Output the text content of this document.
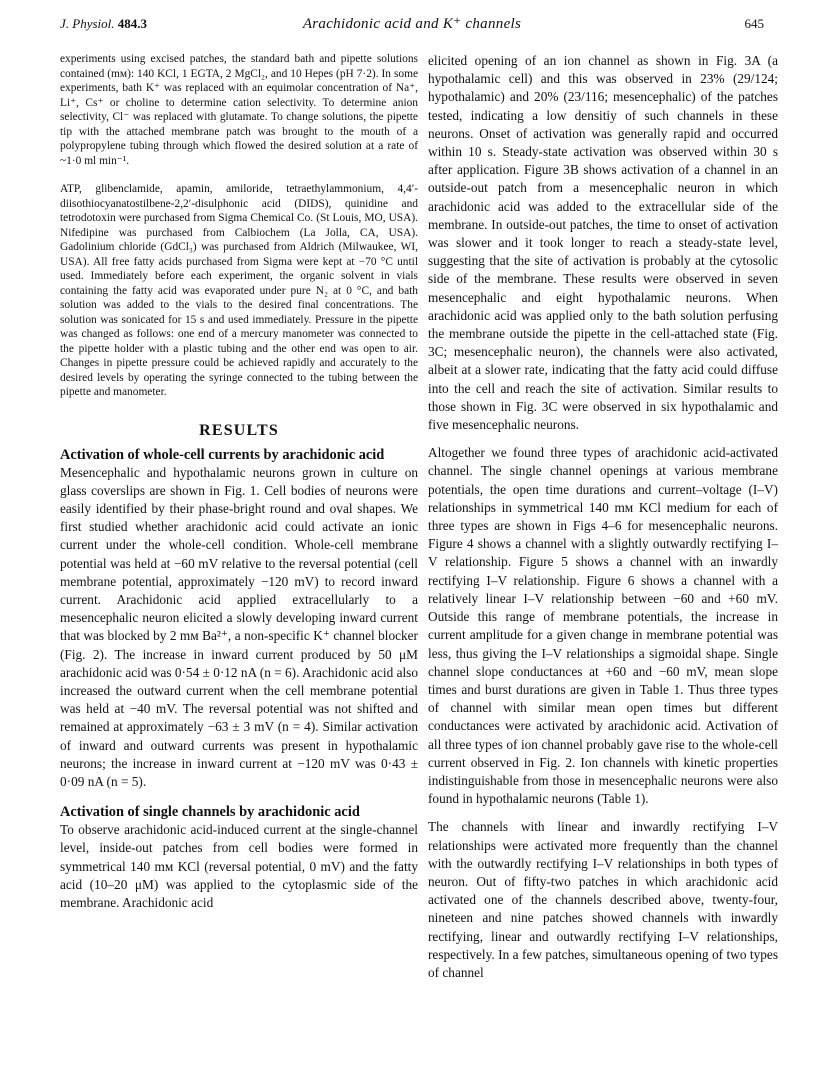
J. Physiol. 484.3	Arachidonic acid and K⁺ channels	645

experiments using excised patches, the standard bath and pipette solutions contained (mм): 140 KCl, 1 EGTA, 2 MgCl₂, and 10 Hepes (pH 7·2). In some experiments, bath K⁺ was replaced with an equimolar concentration of Na⁺, Li⁺, Cs⁺ or choline to determine cation selectivity. To determine anion selectivity, Cl⁻ was replaced with glutamate. To change solutions, the pipette tip with the attached membrane patch was brought to the mouth of a polypropylene tubing through which flowed the desired solution at a rate of ~1·0 ml min⁻¹.

ATP, glibenclamide, apamin, amiloride, tetraethylammonium, 4,4′-diisothiocyanatostilbene-2,2′-disulphonic acid (DIDS), quinidine and tetrodotoxin were purchased from Sigma Chemical Co. (St Louis, MO, USA). Nifedipine was purchased from Calbiochem (La Jolla, CA, USA). Gadolinium chloride (GdCl₃) was purchased from Aldrich (Milwaukee, WI, USA). All free fatty acids purchased from Sigma were kept at −70 °C until used. Immediately before each experiment, the organic solvent in vials containing the fatty acid was evaporated under pure N₂ at 0 °C, and bath solution was added to the vials to the desired final concentrations. The solution was sonicated for 15 s and used immediately. Pressure in the pipette was changed as follows: one end of a mercury manometer was connected to the pipette holder with a plastic tubing and the other end was open to air. Changes in pipette pressure could be achieved rapidly and accurately to the desired levels by operating the syringe connected to the tubing between the pipette and manometer.

RESULTS
Activation of whole-cell currents by arachidonic acid

Mesencephalic and hypothalamic neurons grown in culture on glass coverslips are shown in Fig. 1. Cell bodies of neurons were easily identified by their phase-bright round and oval shapes. We first studied whether arachidonic acid could activate an ionic current under the whole-cell condition. Whole-cell membrane potential was held at −60 mV relative to the reversal potential (cell membrane potential, approximately −120 mV) to record inward current. Arachidonic acid applied extracellularly to a mesencephalic neuron elicited a slowly developing inward current that was blocked by 2 mм Ba²⁺, a non-specific K⁺ channel blocker (Fig. 2). The increase in inward current produced by 50 μM arachidonic acid was 0·54 ± 0·12 nA (n = 6). Arachidonic acid also increased the outward current when the cell membrane potential was held at −40 mV. The reversal potential was not shifted and remained at approximately −63 ± 3 mV (n = 4). Similar activation of inward and outward currents was present in hypothalamic neurons; the increase in inward current at −120 mV was 0·43 ± 0·09 nA (n = 5).

Activation of single channels by arachidonic acid

To observe arachidonic acid-induced current at the single-channel level, inside-out patches from cell bodies were formed in symmetrical 140 mм KCl (reversal potential, 0 mV) and the fatty acid (10–20 μM) was applied to the cytoplasmic side of the membrane. Arachidonic acid

elicited opening of an ion channel as shown in Fig. 3A (a hypothalamic cell) and this was observed in 23% (29/124; hypothalamic) and 20% (23/116; mesencephalic) of the patches tested, indicating a low densitiy of such channels in these neurons. Onset of activation was generally rapid and occurred within 10 s. Steady-state activation was observed within 30 s after application. Figure 3B shows activation of a channel in an outside-out patch from a mesencephalic neuron in which arachidonic acid was added to the extracellular side of the membrane. In outside-out patches, the time to onset of activation was slower and it took longer to reach a steady-state level, suggesting that the site of activation is probably at the cytosolic side of the membrane. These results were observed in seven mesencephalic and eight hypothalamic neurons. When arachidonic acid was applied only to the bath solution perfusing the membrane outside the pipette in the cell-attached state (Fig. 3C; mesencephalic neuron), the channels were also activated, albeit at a slower rate, indicating that the fatty acid could diffuse into the cell and reach the site of activation. Similar results to those shown in Fig. 3C were observed in six hypothalamic and five mesencephalic neurons.

Altogether we found three types of arachidonic acid-activated channel. The single channel openings at various membrane potentials, the open time durations and current–voltage (I–V) relationships in symmetrical 140 mм KCl medium for each of three types are shown in Figs 4–6 for mesencephalic neurons. Figure 4 shows a channel with a slightly outwardly rectifying I–V relationship. Figure 5 shows a channel with an inwardly rectifying I–V relationship. Figure 6 shows a channel with a relatively linear I–V relationship between −60 and +60 mV. Outside this range of membrane potentials, the increase in current amplitude for a given change in membrane potential was less, thus giving the I–V relationships a sigmoidal shape. Single channel slope conductances at +60 and −60 mV, mean slope times and burst durations are given in Table 1. Thus three types of channel with similar mean open times but different conductances were activated by arachidonic acid. Activation of all three types of ion channel probably gave rise to the whole-cell current observed in Fig. 2. Ion channels with kinetic properties indistinguishable from those in mesencephalic neurons were also found in hypothalamic neurons (Table 1).

The channels with linear and inwardly rectifying I–V relationships were activated more frequently than the channel with the outwardly rectifying I–V relationships in both types of neuron. Out of fifty-two patches in which arachidonic acid activated one of the channels described above, twenty-four, nineteen and nine patches showed channels with inwardly rectifying, linear and outwardly rectifying I–V relationships, respectively. In a few patches, simultaneous opening of two types of channel
